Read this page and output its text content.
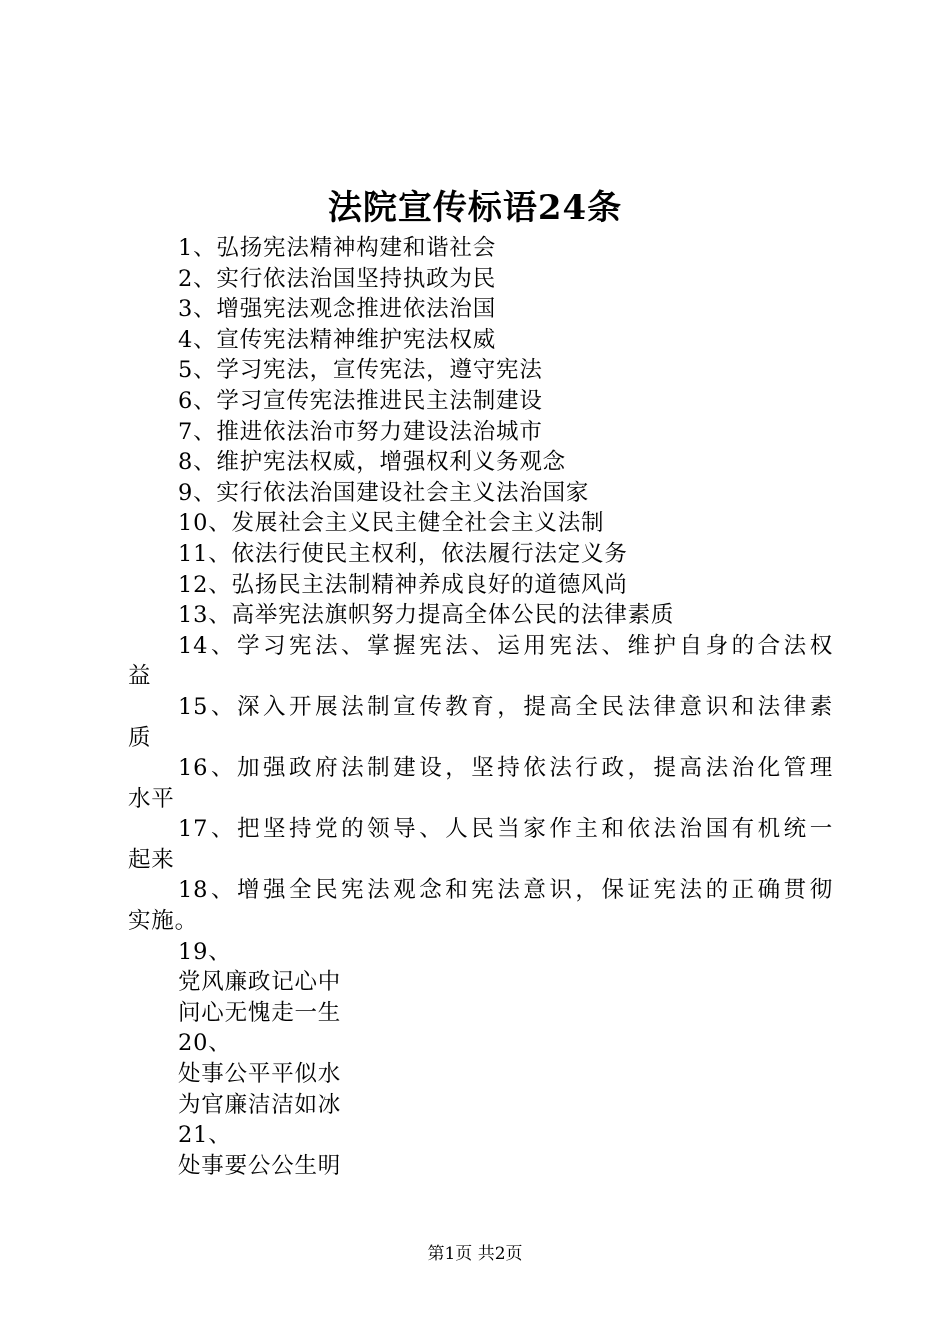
法院宣传标语24条
1、弘扬宪法精神构建和谐社会
2、实行依法治国坚持执政为民
3、增强宪法观念推进依法治国
4、宣传宪法精神维护宪法权威
5、学习宪法，宣传宪法，遵守宪法
6、学习宣传宪法推进民主法制建设
7、推进依法治市努力建设法治城市
8、维护宪法权威，增强权利义务观念
9、实行依法治国建设社会主义法治国家
10、发展社会主义民主健全社会主义法制
11、依法行使民主权利，依法履行法定义务
12、弘扬民主法制精神养成良好的道德风尚
13、高举宪法旗帜努力提高全体公民的法律素质
14、学习宪法、掌握宪法、运用宪法、维护自身的合法权
益
15、深入开展法制宣传教育，提高全民法律意识和法律素
质
16、加强政府法制建设，坚持依法行政，提高法治化管理
水平
17、把坚持党的领导、人民当家作主和依法治国有机统一
起来
18、增强全民宪法观念和宪法意识，保证宪法的正确贯彻
实施。
19、
党风廉政记心中
问心无愧走一生
20、
处事公平平似水
为官廉洁洁如冰
21、
处事要公公生明
第1页 共2页
